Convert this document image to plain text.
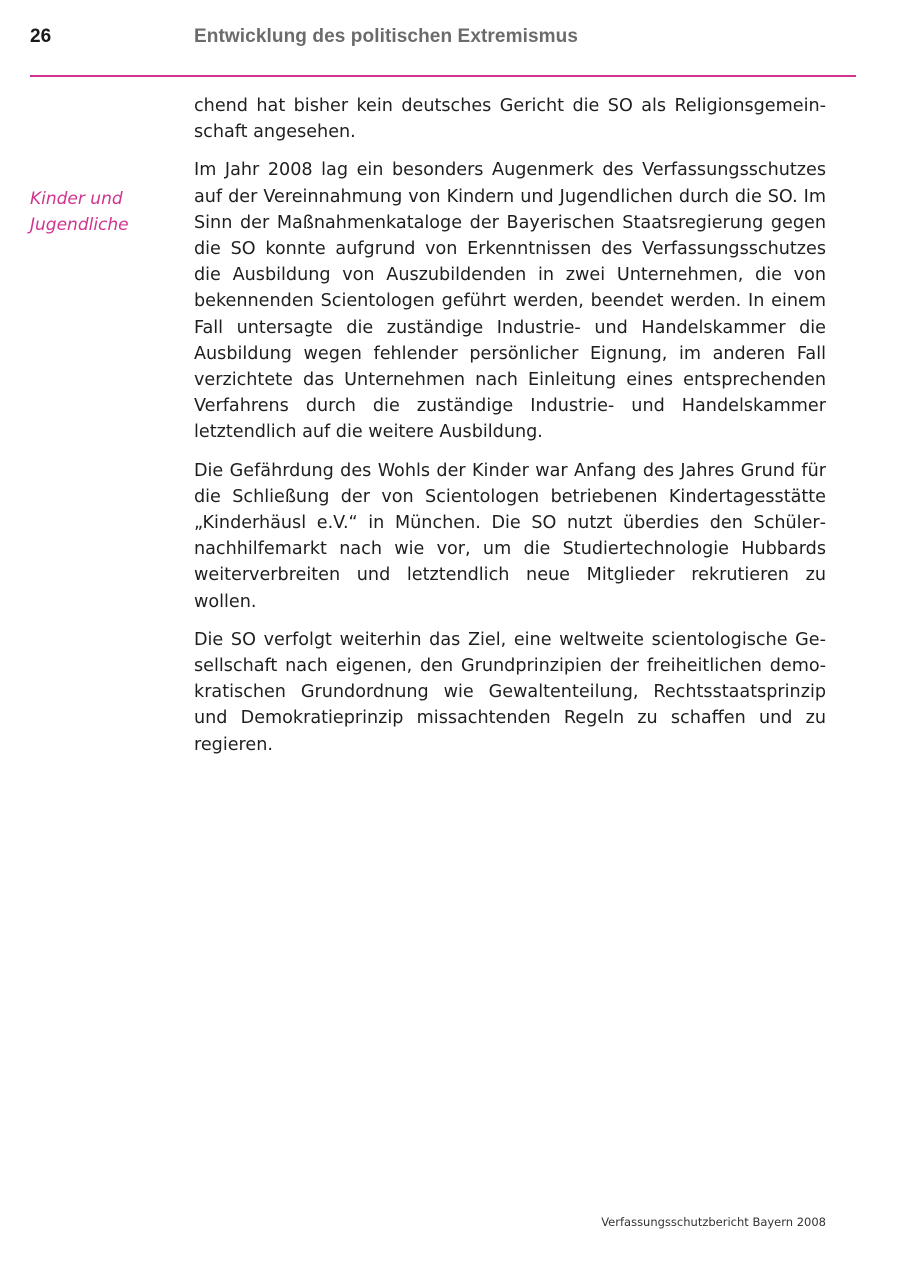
26	Entwicklung des politischen Extremismus
Kinder und
Jugendliche

chend hat bisher kein deutsches Gericht die SO als Religionsgemeinschaft angesehen.

Im Jahr 2008 lag ein besonders Augenmerk des Verfassungsschutzes auf der Vereinnahmung von Kindern und Jugendlichen durch die SO. Im Sinn der Maßnahmenkataloge der Bayerischen Staatsregierung gegen die SO konnte aufgrund von Erkenntnissen des Verfassungsschutzes die Ausbildung von Auszubildenden in zwei Unternehmen, die von bekennenden Scientologen geführt werden, beendet werden. In einem Fall untersagte die zuständige Industrie- und Handelskammer die Ausbildung wegen fehlender persönlicher Eignung, im anderen Fall verzichtete das Unternehmen nach Einleitung eines entsprechenden Verfahrens durch die zuständige Industrie- und Handelskammer letztendlich auf die weitere Ausbildung.

Die Gefährdung des Wohls der Kinder war Anfang des Jahres Grund für die Schließung der von Scientologen betriebenen Kindertagesstätte „Kinderhäusl e.V.“ in München. Die SO nutzt überdies den Schülernachhilfemarkt nach wie vor, um die Studiertechnologie Hubbards weiterverbreiten und letztendlich neue Mitglieder rekrutieren zu wollen.

Die SO verfolgt weiterhin das Ziel, eine weltweite scientologische Gesellschaft nach eigenen, den Grundprinzipien der freiheitlichen demokratischen Grundordnung wie Gewaltenteilung, Rechtsstaatsprinzip und Demokratieprinzip missachtenden Regeln zu schaffen und zu regieren.

Verfassungsschutzbericht Bayern 2008
